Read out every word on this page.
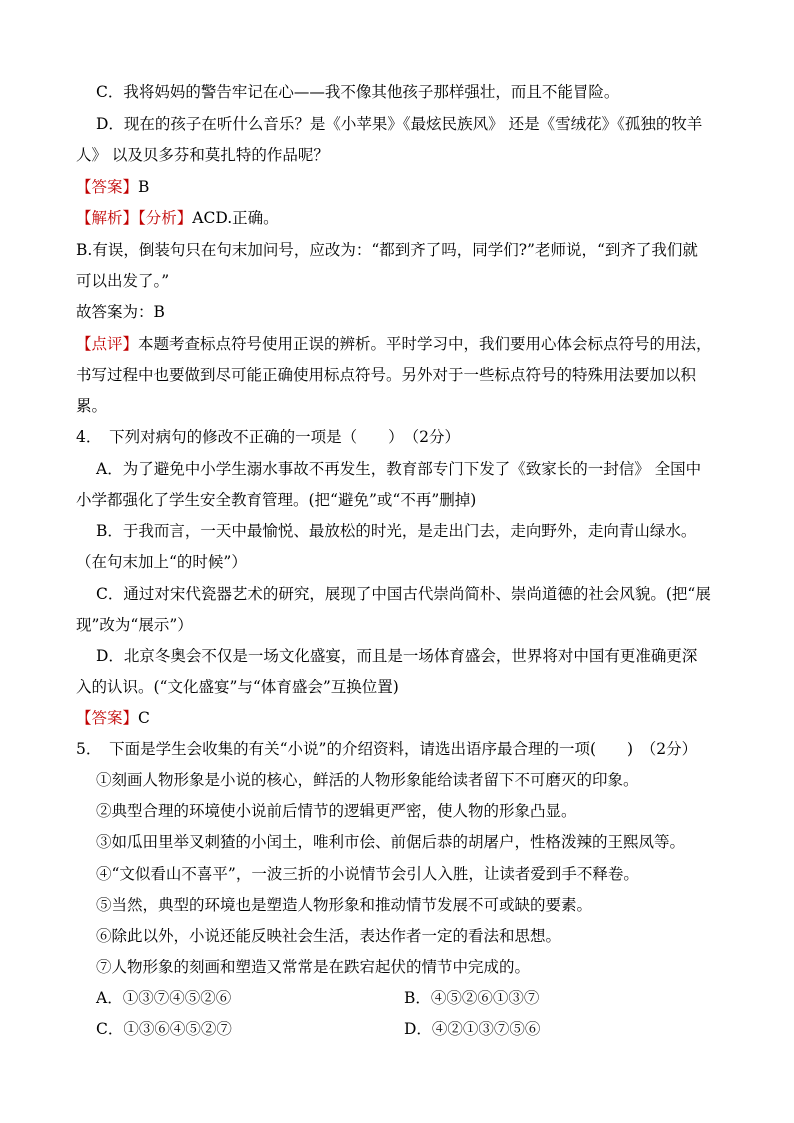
C．我将妈妈的警告牢记在心——我不像其他孩子那样强壮，而且不能冒险。
D．现在的孩子在听什么音乐？是《小苹果》《最炫民族风》 还是《雪绒花》《孤独的牧羊
人》 以及贝多芬和莫扎特的作品呢？
【答案】B
【解析】【分析】ACD.正确。
B.有误，倒装句只在句末加问号，应改为：“都到齐了吗，同学们?”老师说，“到齐了我们就
可以出发了。”
故答案为：B
【点评】本题考查标点符号使用正误的辨析。平时学习中，我们要用心体会标点符号的用法，
书写过程中也要做到尽可能正确使用标点符号。另外对于一些标点符号的特殊用法要加以积
累。
4．　下列对病句的修改不正确的一项是（　　）　（2分）
A．为了避免中小学生溺水事故不再发生，教育部专门下发了《致家长的一封信》 全国中
小学都强化了学生安全教育管理。(把“避免”或“不再”删掉)
B．于我而言，一天中最愉悦、最放松的时光，是走出门去，走向野外，走向青山绿水。
（在句末加上“的时候”）
C．通过对宋代瓷器艺术的研究，展现了中国古代崇尚简朴、崇尚道德的社会风貌。(把“展
现”改为“展示”）
D．北京冬奥会不仅是一场文化盛宴，而且是一场体育盛会，世界将对中国有更准确更深
入的认识。(“文化盛宴”与“体育盛会”互换位置)
【答案】C
5．　下面是学生会收集的有关“小说”的介绍资料，请选出语序最合理的一项(　　)　（2分）
①刻画人物形象是小说的核心，鲜活的人物形象能给读者留下不可磨灭的印象。
②典型合理的环境使小说前后情节的逻辑更严密，使人物的形象凸显。
③如瓜田里举叉刺猹的小闰土，唯利市侩、前倨后恭的胡屠户，性格泼辣的王熙凤等。
④“文似看山不喜平”，一波三折的小说情节会引人入胜，让读者爱到手不释卷。
⑤当然，典型的环境也是塑造人物形象和推动情节发展不可或缺的要素。
⑥除此以外，小说还能反映社会生活，表达作者一定的看法和思想。
⑦人物形象的刻画和塑造又常常是在跌宕起伏的情节中完成的。
A．①③⑦④⑤②⑥	B．④⑤②⑥①③⑦
C．①③⑥④⑤②⑦	D．④②①③⑦⑤⑥
